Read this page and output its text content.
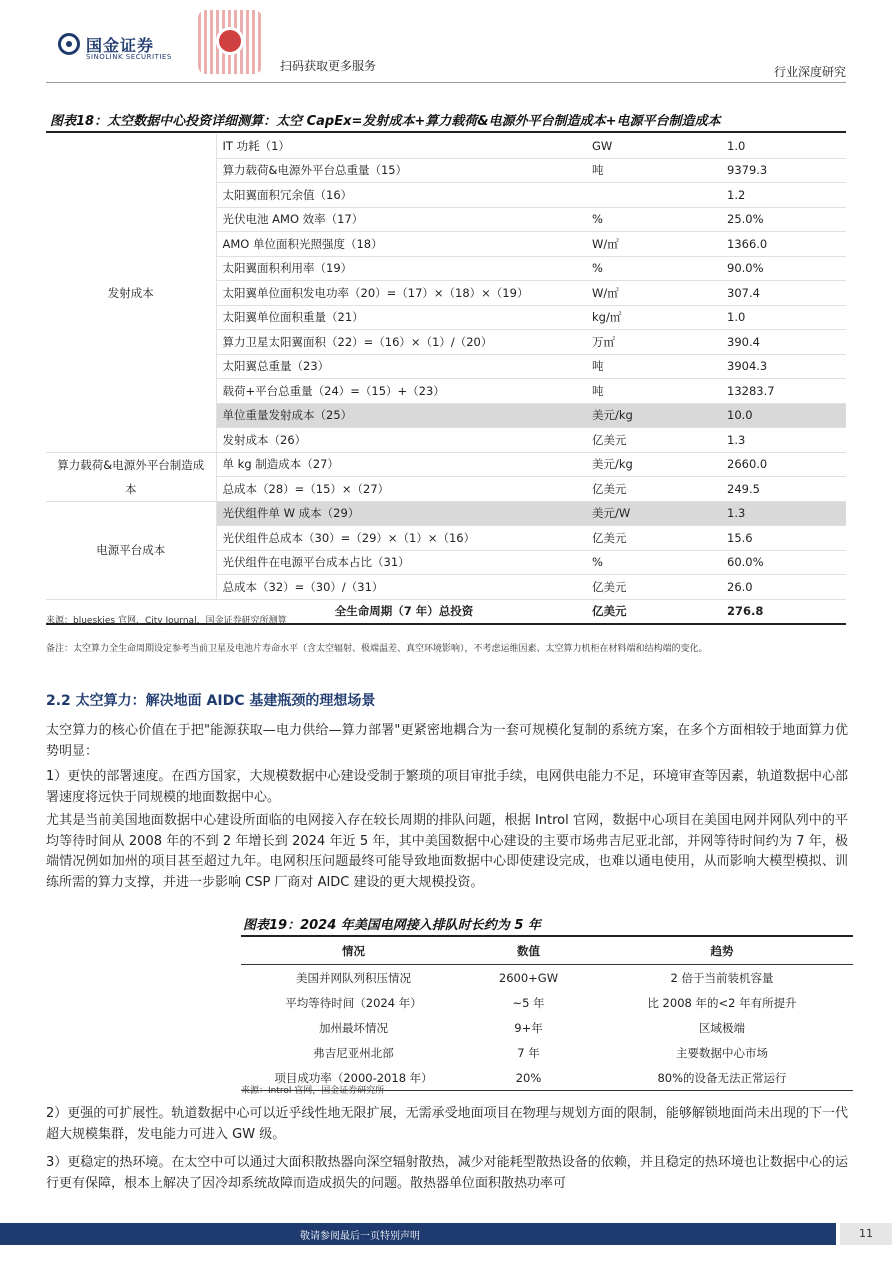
国金证券
SINOLINK SECURITIES
扫码获取更多服务	行业深度研究
图表18：太空数据中心投资详细测算：太空 CapEx=发射成本+算力载荷&电源外平台制造成本+电源平台制造成本
发射成本	IT 功耗（1）	GW	1.0
	算力载荷&电源外平台总重量（15）	吨	9379.3
	太阳翼面积冗余值（16）		1.2
	光伏电池 AMO 效率（17）	%	25.0%
	AMO 单位面积光照强度（18）	W/㎡	1366.0
	太阳翼面积利用率（19）	%	90.0%
	太阳翼单位面积发电功率（20）=（17）×（18）×（19）	W/㎡	307.4
	太阳翼单位面积重量（21）	kg/㎡	1.0
	算力卫星太阳翼面积（22）=（16）×（1）/（20）	万㎡	390.4
	太阳翼总重量（23）	吨	3904.3
	载荷+平台总重量（24）=（15）+（23）	吨	13283.7
	单位重量发射成本（25）	美元/kg	10.0
	发射成本（26）	亿美元	1.3
算力载荷&电源外平台制造成本	单 kg 制造成本（27）	美元/kg	2660.0
	总成本（28）=（15）×（27）	亿美元	249.5
电源平台成本	光伏组件单 W 成本（29）	美元/W	1.3
	光伏组件总成本（30）=（29）×（1）×（16）	亿美元	15.6
	光伏组件在电源平台成本占比（31）	%	60.0%
	总成本（32）=（30）/（31）	亿美元	26.0
	全生命周期（7 年）总投资	亿美元	276.8
来源：blueskies 官网，City Journal，国金证券研究所测算
备注：太空算力全生命周期设定参考当前卫星及电池片寿命水平（含太空辐射、极端温差、真空环境影响），不考虑运维因素、太空算力机柜在材料端和结构端的变化。
2.2 太空算力：解决地面 AIDC 基建瓶颈的理想场景

太空算力的核心价值在于把"能源获取—电力供给—算力部署"更紧密地耦合为一套可规模化复制的系统方案，在多个方面相较于地面算力优势明显：

1）更快的部署速度。在西方国家，大规模数据中心建设受制于繁琐的项目审批手续，电网供电能力不足，环境审查等因素，轨道数据中心部署速度将远快于同规模的地面数据中心。

尤其是当前美国地面数据中心建设所面临的电网接入存在较长周期的排队问题，根据 Introl 官网，数据中心项目在美国电网并网队列中的平均等待时间从 2008 年的不到 2 年增长到 2024 年近 5 年，其中美国数据中心建设的主要市场弗吉尼亚北部，并网等待时间约为 7 年，极端情况例如加州的项目甚至超过九年。电网积压问题最终可能导致地面数据中心即使建设完成，也难以通电使用，从而影响大模型模拟、训练所需的算力支撑，并进一步影响 CSP 厂商对 AIDC 建设的更大规模投资。

图表19：2024 年美国电网接入排队时长约为 5 年
情况	数值	趋势
美国并网队列积压情况	2600+GW	2 倍于当前装机容量
平均等待时间（2024 年）	~5 年	比 2008 年的<2 年有所提升
加州最坏情况	9+年	区域极端
弗吉尼亚州北部	7 年	主要数据中心市场
项目成功率（2000-2018 年）	20%	80%的设备无法正常运行
来源：Introl 官网，国金证券研究所

2）更强的可扩展性。轨道数据中心可以近乎线性地无限扩展，无需承受地面项目在物理与规划方面的限制，能够解锁地面尚未出现的下一代超大规模集群，发电能力可进入 GW 级。

3）更稳定的热环境。在太空中可以通过大面积散热器向深空辐射散热，减少对能耗型散热设备的依赖，并且稳定的热环境也让数据中心的运行更有保障，根本上解决了因冷却系统故障而造成损失的问题。散热器单位面积散热功率可

敬请参阅最后一页特别声明	11
